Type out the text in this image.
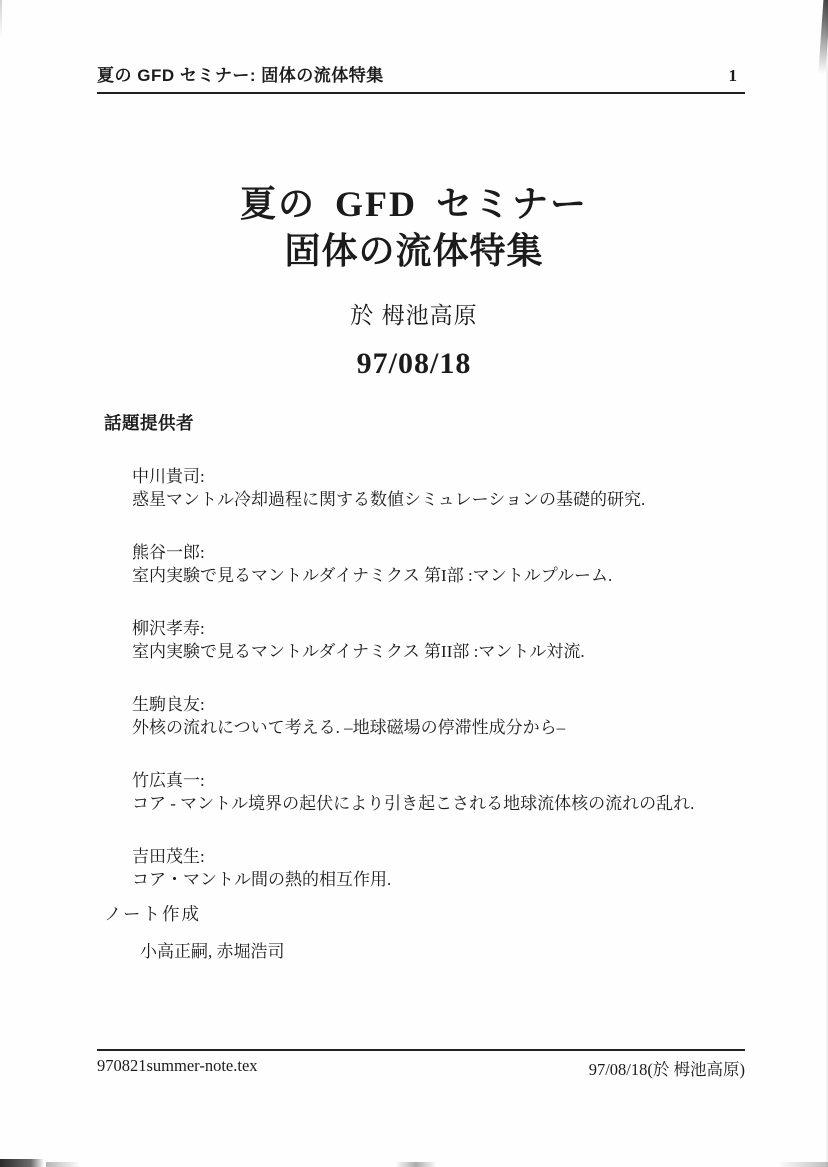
夏の GFD セミナー: 固体の流体特集	1
夏の GFD セミナー
固体の流体特集
於 栂池高原
97/08/18
話題提供者
中川貴司:
惑星マントル冷却過程に関する数値シミュレーションの基礎的研究.
熊谷一郎:
室内実験で見るマントルダイナミクス 第I部 :マントルプルーム.
柳沢孝寿:
室内実験で見るマントルダイナミクス 第II部 :マントル対流.
生駒良友:
外核の流れについて考える. –地球磁場の停滞性成分から–
竹広真一:
コア - マントル境界の起伏により引き起こされる地球流体核の流れの乱れ.
吉田茂生:
コア・マントル間の熱的相互作用.
ノート作成
小高正嗣, 赤堀浩司
970821summer-note.tex	97/08/18(於 栂池高原)
